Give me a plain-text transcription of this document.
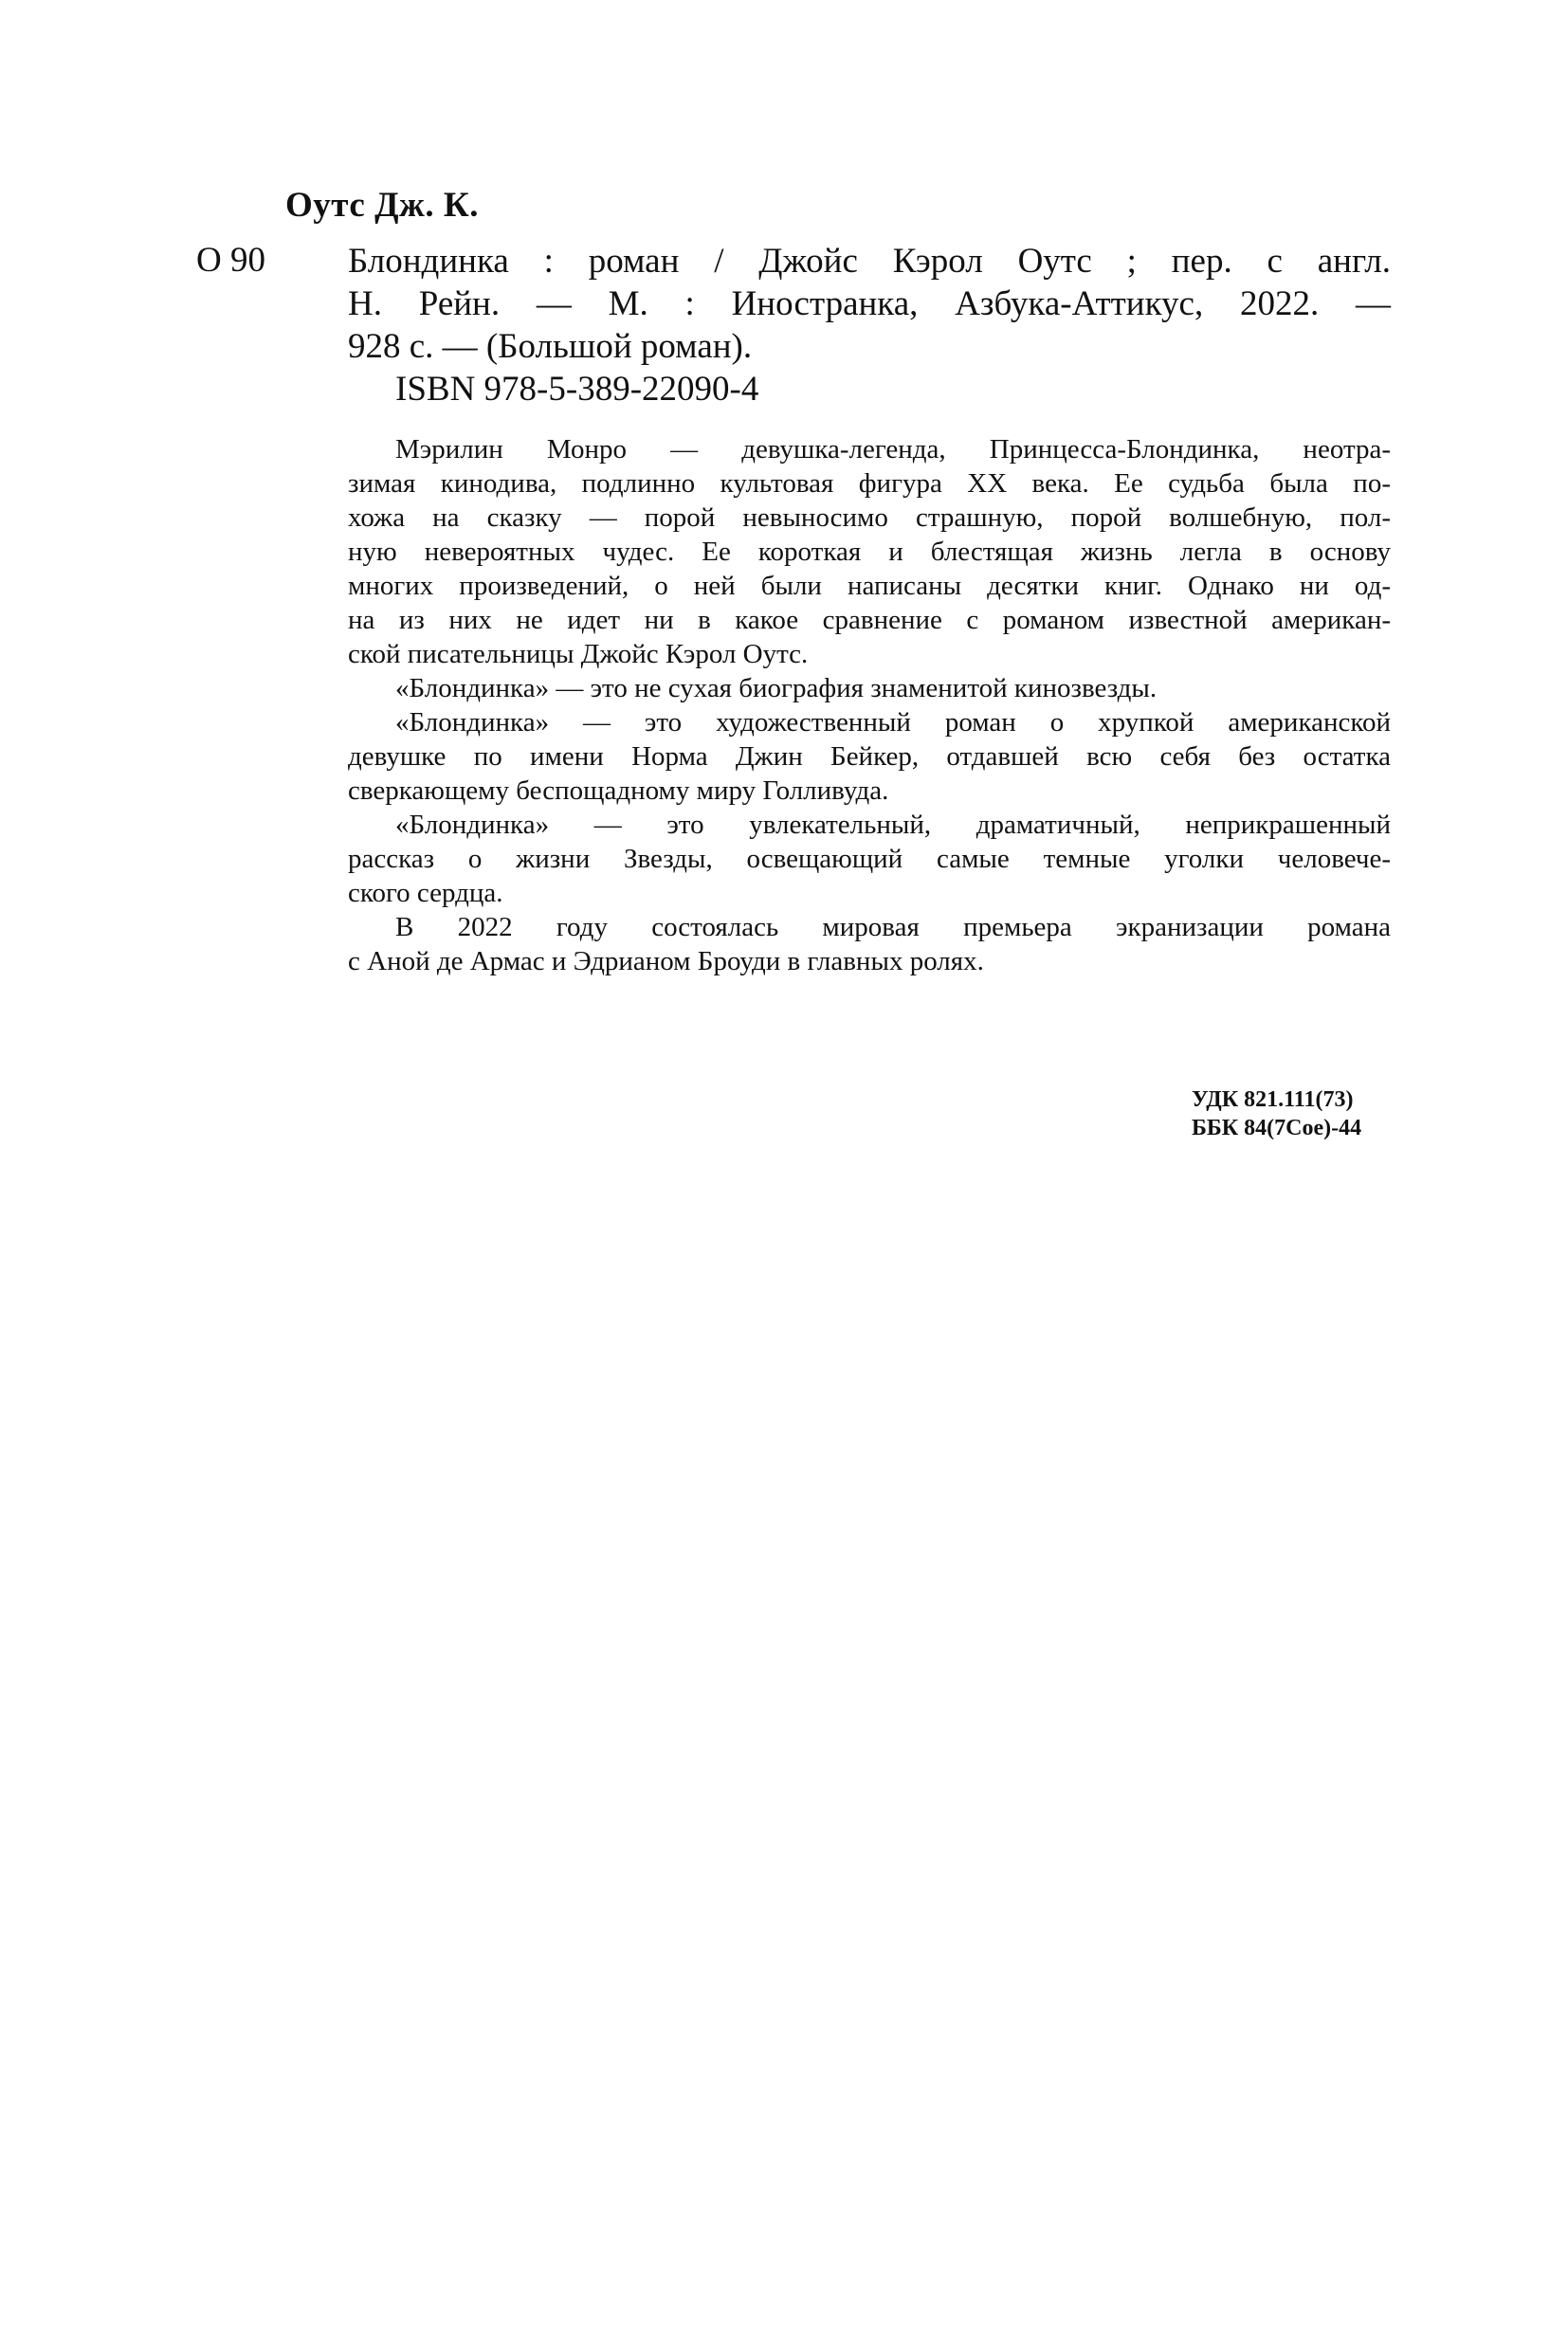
Оутс Дж. К.

О 90 Блондинка : роман / Джойс Кэрол Оутс ; пер. с англ.

Н. Рейн. — М. : Иностранка, Азбука-Аттикус, 2022. —

928 с. — (Большой роман).

ISBN 978-5-389-22090-4

Мэрилин Монро — девушка-легенда, Принцесса-Блондинка, неотра-

зимая кинодива, подлинно культовая фигура XX века. Ее судьба была по-

хожа на сказку — порой невыносимо страшную, порой волшебную, пол-

ную невероятных чудес. Ее короткая и блестящая жизнь легла в основу

многих произведений, о ней были написаны десятки книг. Однако ни од-

на из них не идет ни в какое сравнение с романом известной американ-

ской писательницы Джойс Кэрол Оутс.

«Блондинка» — это не сухая биография знаменитой кинозвезды.

«Блондинка» — это художественный роман о хрупкой американской

девушке по имени Норма Джин Бейкер, отдавшей всю себя без остатка

сверкающему беспощадному миру Голливуда.

«Блондинка» — это увлекательный, драматичный, неприкрашенный

рассказ о жизни Звезды, освещающий самые темные уголки человече-

ского сердца.

В 2022 году состоялась мировая премьера экранизации романа

с Аной де Армас и Эдрианом Броуди в главных ролях.

УДК 821.111(73)
ББК 84(7Сое)-44
